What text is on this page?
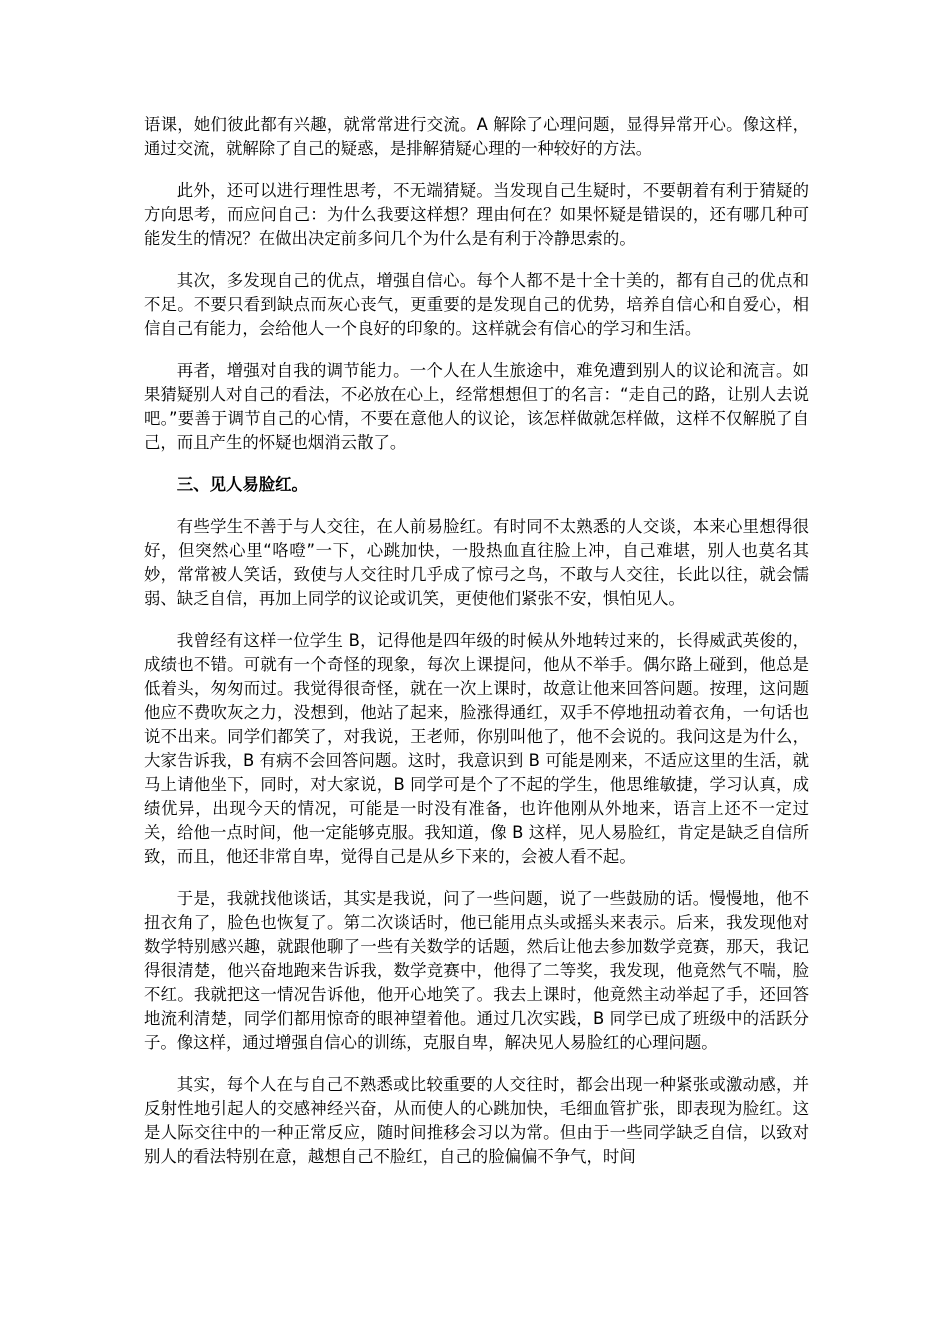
语课，她们彼此都有兴趣，就常常进行交流。A 解除了心理问题，显得异常开心。像这样，通过交流，就解除了自己的疑惑，是排解猜疑心理的一种较好的方法。

此外，还可以进行理性思考，不无端猜疑。当发现自己生疑时，不要朝着有利于猜疑的方向思考，而应问自己：为什么我要这样想？理由何在？如果怀疑是错误的，还有哪几种可能发生的情况？在做出决定前多问几个为什么是有利于冷静思索的。

其次，多发现自己的优点，增强自信心。每个人都不是十全十美的，都有自己的优点和不足。不要只看到缺点而灰心丧气，更重要的是发现自己的优势，培养自信心和自爱心，相信自己有能力，会给他人一个良好的印象的。这样就会有信心的学习和生活。

再者，增强对自我的调节能力。一个人在人生旅途中，难免遭到别人的议论和流言。如果猜疑别人对自己的看法，不必放在心上，经常想想但丁的名言：“走自己的路，让别人去说吧。”要善于调节自己的心情，不要在意他人的议论，该怎样做就怎样做，这样不仅解脱了自己，而且产生的怀疑也烟消云散了。

三、见人易脸红。

有些学生不善于与人交往，在人前易脸红。有时同不太熟悉的人交谈，本来心里想得很好，但突然心里“咯噔”一下，心跳加快，一股热血直往脸上冲，自己难堪，别人也莫名其妙，常常被人笑话，致使与人交往时几乎成了惊弓之鸟，不敢与人交往，长此以往，就会懦弱、缺乏自信，再加上同学的议论或讥笑，更使他们紧张不安，惧怕见人。

我曾经有这样一位学生 B，记得他是四年级的时候从外地转过来的，长得威武英俊的，成绩也不错。可就有一个奇怪的现象，每次上课提问，他从不举手。偶尔路上碰到，他总是低着头，匆匆而过。我觉得很奇怪，就在一次上课时，故意让他来回答问题。按理，这问题他应不费吹灰之力，没想到，他站了起来，脸涨得通红，双手不停地扭动着衣角，一句话也说不出来。同学们都笑了，对我说，王老师，你别叫他了，他不会说的。我问这是为什么，大家告诉我，B 有病不会回答问题。这时，我意识到 B 可能是刚来，不适应这里的生活，就马上请他坐下，同时，对大家说，B 同学可是个了不起的学生，他思维敏捷，学习认真，成绩优异，出现今天的情况，可能是一时没有准备，也许他刚从外地来，语言上还不一定过关，给他一点时间，他一定能够克服。我知道，像 B 这样，见人易脸红，肯定是缺乏自信所致，而且，他还非常自卑，觉得自己是从乡下来的，会被人看不起。

于是，我就找他谈话，其实是我说，问了一些问题，说了一些鼓励的话。慢慢地，他不扭衣角了，脸色也恢复了。第二次谈话时，他已能用点头或摇头来表示。后来，我发现他对数学特别感兴趣，就跟他聊了一些有关数学的话题，然后让他去参加数学竞赛，那天，我记得很清楚，他兴奋地跑来告诉我，数学竞赛中，他得了二等奖，我发现，他竟然气不喘，脸不红。我就把这一情况告诉他，他开心地笑了。我去上课时，他竟然主动举起了手，还回答地流利清楚，同学们都用惊奇的眼神望着他。通过几次实践，B 同学已成了班级中的活跃分子。像这样，通过增强自信心的训练，克服自卑，解决见人易脸红的心理问题。

其实，每个人在与自己不熟悉或比较重要的人交往时，都会出现一种紧张或激动感，并反射性地引起人的交感神经兴奋，从而使人的心跳加快，毛细血管扩张，即表现为脸红。这是人际交往中的一种正常反应，随时间推移会习以为常。但由于一些同学缺乏自信，以致对别人的看法特别在意，越想自己不脸红，自己的脸偏偏不争气，时间
